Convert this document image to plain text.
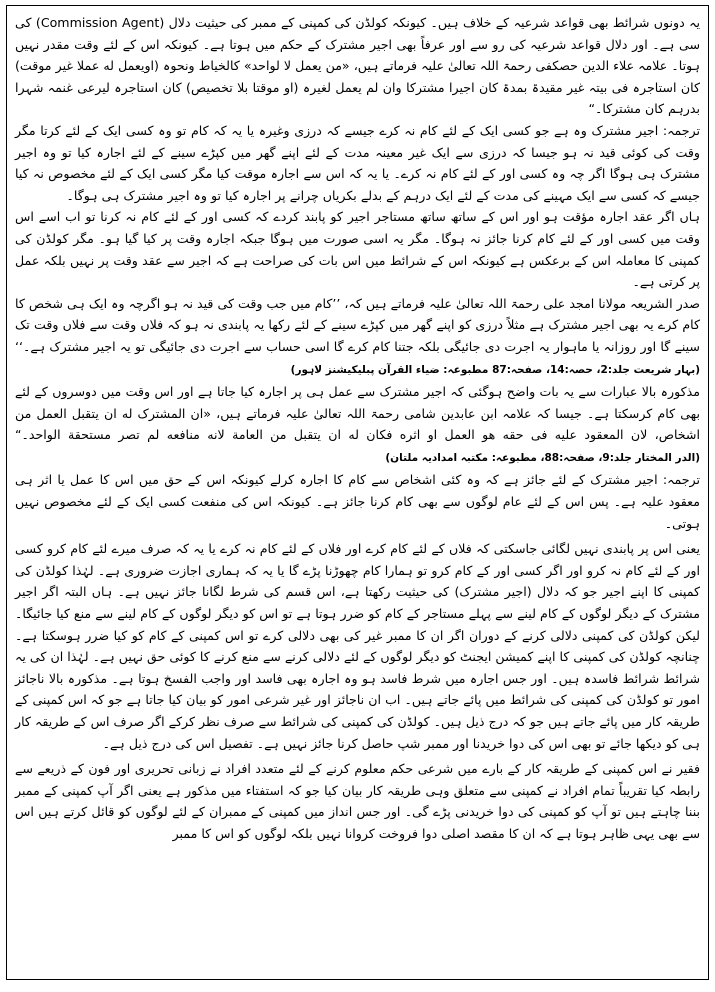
یہ دونوں شرائط بھی قواعد شرعیہ کے خلاف ہیں۔ کیونکہ کولڈن کی کمپنی کے ممبر کی حیثیت دلال (Commission Agent) کی سی ہے۔ اور دلال قواعد شرعیہ کی رو سے اور عرفاً بھی اجیر مشترک کے حکم میں ہوتا ہے۔ کیونکہ اس کے لئے وقت مقدر نہیں ہوتا۔ علامہ علاء الدین حصکفی رحمۃ اللہ تعالیٰ علیہ فرماتے ہیں، «من یعمل لا لواحد» کالخیاط ونحوہ (اویعمل له عملا غیر موقت) کان استاجرہ فی بیتہ غیر مقیدۃ بمدۃ کان اجیرا مشترکا وان لم یعمل لغیرہ (او موقتا بلا تخصیص) کان استاجرہ لیرعی غنمہ شہرا بدرہم کان مشترکا۔“

ترجمہ: اجیر مشترک وہ ہے جو کسی ایک کے لئے کام نہ کرے جیسے کہ درزی وغیرہ یا یہ کہ کام تو وہ کسی ایک کے لئے کرتا مگر وقت کی کوئی قید نہ ہو جیسا کہ درزی سے ایک غیر معینہ مدت کے لئے اپنے گھر میں کپڑے سینے کے لئے اجارہ کیا تو وہ اجیر مشترک ہی ہوگا اگر چہ وہ کسی اور کے لئے کام نہ کرے۔ یا یہ کہ اس سے اجارہ موقت کیا مگر کسی ایک کے لئے مخصوص نہ کیا جیسے کہ کسی سے ایک مہینے کی مدت کے لئے ایک درہم کے بدلے بکریاں چرانے پر اجارہ کیا تو وہ اجیر مشترک ہی ہوگا۔

ہاں اگر عقد اجارہ مؤقت ہو اور اس کے ساتھ ساتھ مستاجر اجیر کو پابند کردے کہ کسی اور کے لئے کام نہ کرنا تو اب اسے اس وقت میں کسی اور کے لئے کام کرنا جائز نہ ہوگا۔ مگر یہ اسی صورت میں ہوگا جبکہ اجارہ وقت پر کیا گیا ہو۔ مگر کولڈن کی کمپنی کا معاملہ اس کے برعکس ہے کیونکہ اس کے شرائط میں اس بات کی صراحت ہے کہ اجیر سے عقد وقت پر نہیں بلکہ عمل پر کرتی ہے۔

صدر الشریعہ مولانا امجد علی رحمۃ اللہ تعالیٰ علیہ فرماتے ہیں کہ، ’’کام میں جب وقت کی قید نہ ہو اگرچہ وہ ایک ہی شخص کا کام کرے یہ بھی اجیر مشترک ہے مثلاً درزی کو اپنے گھر میں کپڑے سینے کے لئے رکھا یہ پابندی نہ ہو کہ فلاں وقت سے فلاں وقت تک سینے گا اور روزانہ یا ماہوار یہ اجرت دی جائیگی بلکہ جتنا کام کرے گا اسی حساب سے اجرت دی جائیگی تو یہ اجیر مشترک ہے۔‘‘ (بہار شریعت جلد:2، حصہ:14، صفحہ:87 مطبوعہ: ضیاء القرآن پبلیکیشنز لاہور)

مذکورہ بالا عبارات سے یہ بات واضح ہوگئی کہ اجیر مشترک سے عمل ہی پر اجارہ کیا جاتا ہے اور اس وقت میں دوسروں کے لئے بھی کام کرسکتا ہے۔ جیسا کہ علامہ ابن عابدین شامی رحمۃ اللہ تعالیٰ علیہ فرماتے ہیں، «ان المشترک له ان یتقبل العمل من اشخاص، لان المعقود علیه فی حقه هو العمل او اثره فکان له ان یتقبل من العامة لانه منافعه لم تصر مستحقة الواحد۔“ (الدر المختار جلد:9، صفحہ:88، مطبوعہ: مکتبہ امدادیہ ملتان)

ترجمہ: اجیر مشترک کے لئے جائز ہے کہ وہ کئی اشخاص سے کام کا اجارہ کرلے کیونکہ اس کے حق میں اس کا عمل یا اثر ہی معقود علیہ ہے۔ پس اس کے لئے عام لوگوں سے بھی کام کرنا جائز ہے۔ کیونکہ اس کی منفعت کسی ایک کے لئے مخصوص نہیں ہوتی۔

یعنی اس پر پابندی نہیں لگائی جاسکتی کہ فلاں کے لئے کام کرے اور فلاں کے لئے کام نہ کرے یا یہ کہ صرف میرے لئے کام کرو کسی اور کے لئے کام نہ کرو اور اگر کسی اور کے کام کرو تو ہمارا کام چھوڑنا پڑے گا یا یہ کہ ہماری اجازت ضروری ہے۔ لہٰذا کولڈن کی کمپنی کا اپنے اجیر جو کہ دلال (اجیر مشترک) کی حیثیت رکھتا ہے، اس قسم کی شرط لگانا جائز نہیں ہے۔ ہاں البتہ اگر اجیر مشترک کے دیگر لوگوں کے کام لینے سے پہلے مستاجر کے کام کو ضرر ہوتا ہے تو اس کو دیگر لوگوں کے کام لینے سے منع کیا جائیگا۔ لیکن کولڈن کی کمپنی دلالی کرنے کے دوران اگر ان کا ممبر غیر کی بھی دلالی کرے تو اس کمپنی کے کام کو کیا ضرر ہوسکتا ہے۔ چنانچہ کولڈن کی کمپنی کا اپنے کمیشن ایجنٹ کو دیگر لوگوں کے لئے دلالی کرنے سے منع کرنے کا کوئی حق نہیں ہے۔ لہٰذا ان کی یہ شرائط شرائط فاسدہ ہیں۔ اور جس اجارہ میں شرط فاسد ہو وہ اجارہ بھی فاسد اور واجب الفسخ ہوتا ہے۔ مذکورہ بالا ناجائز امور تو کولڈن کی کمپنی کی شرائط میں پائے جاتے ہیں۔ اب ان ناجائز اور غیر شرعی امور کو بیان کیا جاتا ہے جو کہ اس کمپنی کے طریقہ کار میں پائے جاتے ہیں جو کہ درج ذیل ہیں۔ کولڈن کی کمپنی کی شرائط سے صرف نظر کرکے اگر صرف اس کے طریقہ کار ہی کو دیکھا جائے تو بھی اس کی دوا خریدنا اور ممبر شپ حاصل کرنا جائز نہیں ہے۔ تفصیل اس کی درج ذیل ہے۔

فقیر نے اس کمپنی کے طریقہ کار کے بارے میں شرعی حکم معلوم کرنے کے لئے متعدد افراد نے زبانی تحریری اور فون کے ذریعے سے رابطہ کیا تقریباً تمام افراد نے کمپنی سے متعلق وہی طریقہ کار بیان کیا جو کہ استفتاء میں مذکور ہے یعنی اگر آپ کمپنی کے ممبر بننا چاہتے ہیں تو آپ کو کمپنی کی دوا خریدنی پڑے گی۔ اور جس انداز میں کمپنی کے ممبران کے لئے لوگوں کو قائل کرتے ہیں اس سے بھی یہی ظاہر ہوتا ہے کہ ان کا مقصد اصلی دوا فروخت کروانا نہیں بلکہ لوگوں کو اس کا ممبر
